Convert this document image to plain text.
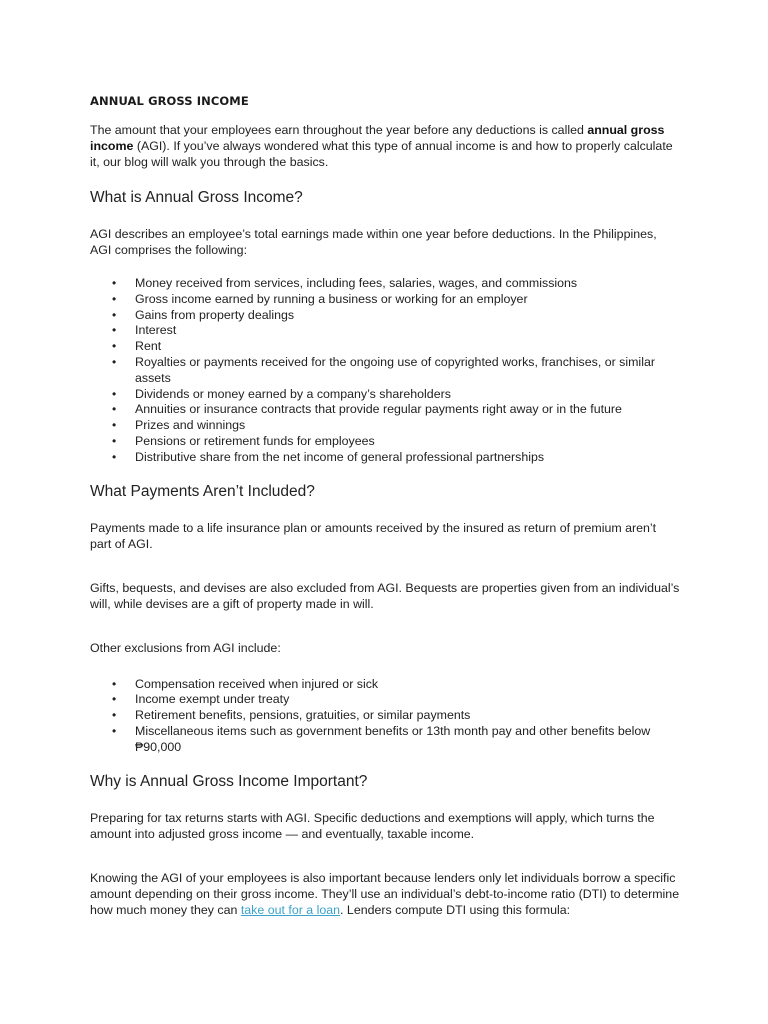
ANNUAL GROSS INCOME

The amount that your employees earn throughout the year before any deductions is called annual gross income (AGI). If you’ve always wondered what this type of annual income is and how to properly calculate it, our blog will walk you through the basics.

What is Annual Gross Income?

AGI describes an employee’s total earnings made within one year before deductions. In the Philippines, AGI comprises the following:

• Money received from services, including fees, salaries, wages, and commissions
• Gross income earned by running a business or working for an employer
• Gains from property dealings
• Interest
• Rent
• Royalties or payments received for the ongoing use of copyrighted works, franchises, or similar assets
• Dividends or money earned by a company’s shareholders
• Annuities or insurance contracts that provide regular payments right away or in the future
• Prizes and winnings
• Pensions or retirement funds for employees
• Distributive share from the net income of general professional partnerships
What Payments Aren’t Included?

Payments made to a life insurance plan or amounts received by the insured as return of premium aren’t part of AGI.

Gifts, bequests, and devises are also excluded from AGI. Bequests are properties given from an individual’s will, while devises are a gift of property made in will.

Other exclusions from AGI include:

• Compensation received when injured or sick
• Income exempt under treaty
• Retirement benefits, pensions, gratuities, or similar payments
• Miscellaneous items such as government benefits or 13th month pay and other benefits below ₱90,000
Why is Annual Gross Income Important?

Preparing for tax returns starts with AGI. Specific deductions and exemptions will apply, which turns the amount into adjusted gross income — and eventually, taxable income.

Knowing the AGI of your employees is also important because lenders only let individuals borrow a specific amount depending on their gross income. They’ll use an individual’s debt-to-income ratio (DTI) to determine how much money they can take out for a loan. Lenders compute DTI using this formula:
